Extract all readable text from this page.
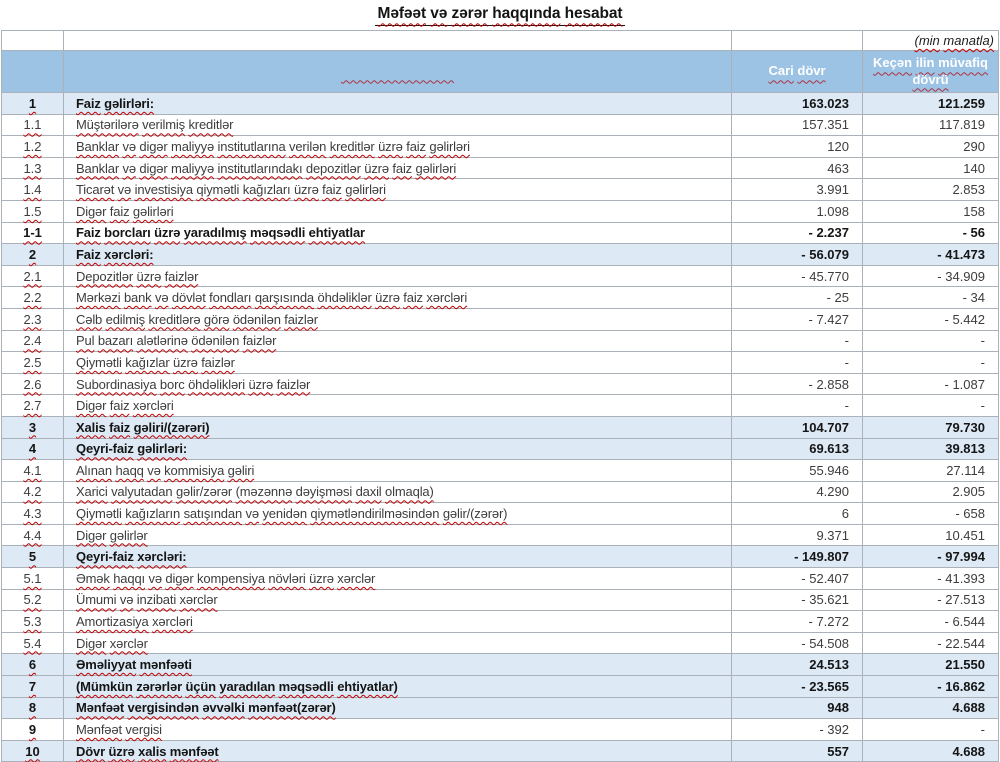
Məfəət və zərər haqqında hesabat
			(min manatla)
		Cari dövr	Keçən ilin müvafiq dövrü
1	Faiz gəlirləri:	163.023	121.259
1.1	Müştərilərə verilmiş kreditlər	157.351	117.819
1.2	Banklar və digər maliyyə institutlarına verilən kreditlər üzrə faiz gəlirləri	120	290
1.3	Banklar və digər maliyyə institutlarındakı depozitlər üzrə faiz gəlirləri	463	140
1.4	Ticarət və investisiya qiymətli kağızları üzrə faiz gəlirləri	3.991	2.853
1.5	Digər faiz gəlirləri	1.098	158
1-1	Faiz borcları üzrə yaradılmış məqsədli ehtiyatlar	- 2.237	- 56
2	Faiz xərcləri:	- 56.079	- 41.473
2.1	Depozitlər üzrə faizlər	- 45.770	- 34.909
2.2	Mərkəzi bank və dövlət fondları qarşısında öhdəliklər üzrə faiz xərcləri	- 25	- 34
2.3	Cəlb edilmiş kreditlərə görə ödənilən faizlər	- 7.427	- 5.442
2.4	Pul bazarı alətlərinə ödənilən faizlər	-	-
2.5	Qiymətli kağızlar üzrə faizlər	-	-
2.6	Subordinasiya borc öhdəlikləri üzrə faizlər	- 2.858	- 1.087
2.7	Digər faiz xərcləri	-	-
3	Xalis faiz gəliri/(zərəri)	104.707	79.730
4	Qeyri-faiz gəlirləri:	69.613	39.813
4.1	Alınan haqq və kommisiya gəliri	55.946	27.114
4.2	Xarici valyutadan gəlir/zərər (məzənnə dəyişməsi daxil olmaqla)	4.290	2.905
4.3	Qiymətli kağızların satışından və yenidən qiymətləndirilməsindən gəlir/(zərər)	6	- 658
4.4	Digər gəlirlər	9.371	10.451
5	Qeyri-faiz xərcləri:	- 149.807	- 97.994
5.1	Əmək haqqı və digər kompensiya növləri üzrə xərclər	- 52.407	- 41.393
5.2	Ümumi və inzibati xərclər	- 35.621	- 27.513
5.3	Amortizasiya xərcləri	- 7.272	- 6.544
5.4	Digər xərclər	- 54.508	- 22.544
6	Əməliyyat mənfəəti	24.513	21.550
7	(Mümkün zərərlər üçün yaradılan məqsədli ehtiyatlar)	- 23.565	- 16.862
8	Mənfəət vergisindən əvvəlki mənfəət(zərər)	948	4.688
9	Mənfəət vergisi	- 392	-
10	Dövr üzrə xalis mənfəət	557	4.688
